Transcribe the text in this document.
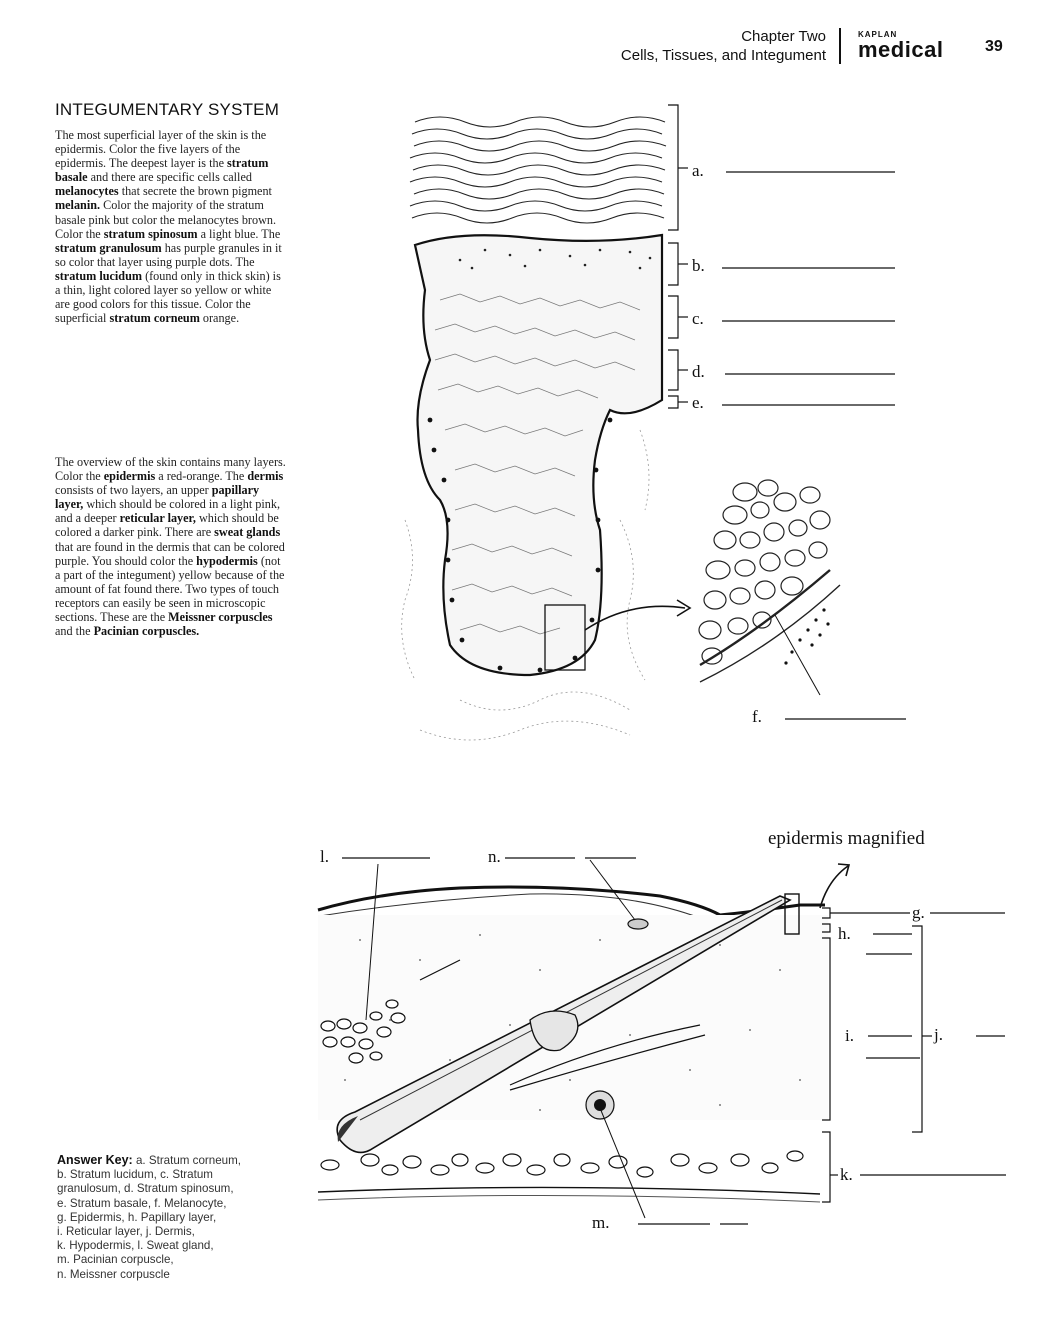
Chapter Two
Cells, Tissues, and Integument
KAPLAN
medical	39
INTEGUMENTARY SYSTEM
The most superficial layer of the skin is the epidermis. Color the five layers of the epidermis. The deepest layer is the stratum basale and there are specific cells called melanocytes that secrete the brown pigment melanin. Color the majority of the stratum basale pink but color the melanocytes brown. Color the stratum spinosum a light blue. The stratum granulosum has purple granules in it so color that layer using purple dots. The stratum lucidum (found only in thick skin) is a thin, light colored layer so yellow or white are good colors for this tissue. Color the superficial stratum corneum orange.
The overview of the skin contains many layers. Color the epidermis a red-orange. The dermis consists of two layers, an upper papillary layer, which should be colored in a light pink, and a deeper reticular layer, which should be colored a darker pink. There are sweat glands that are found in the dermis that can be colored purple. You should color the hypodermis (not a part of the integument) yellow because of the amount of fat found there. Two types of touch receptors can easily be seen in microscopic sections. These are the Meissner corpuscles and the Pacinian corpuscles.
a.
b.
c.
d.
e.
f.
epidermis magnified
g.
h.
i.	j.
k.
l.
m.
n.
Answer Key: a. Stratum corneum,
b. Stratum lucidum, c. Stratum
granulosum, d. Stratum spinosum,
e. Stratum basale, f. Melanocyte,
g. Epidermis, h. Papillary layer,
i. Reticular layer, j. Dermis,
k. Hypodermis, l. Sweat gland,
m. Pacinian corpuscle,
n. Meissner corpuscle
